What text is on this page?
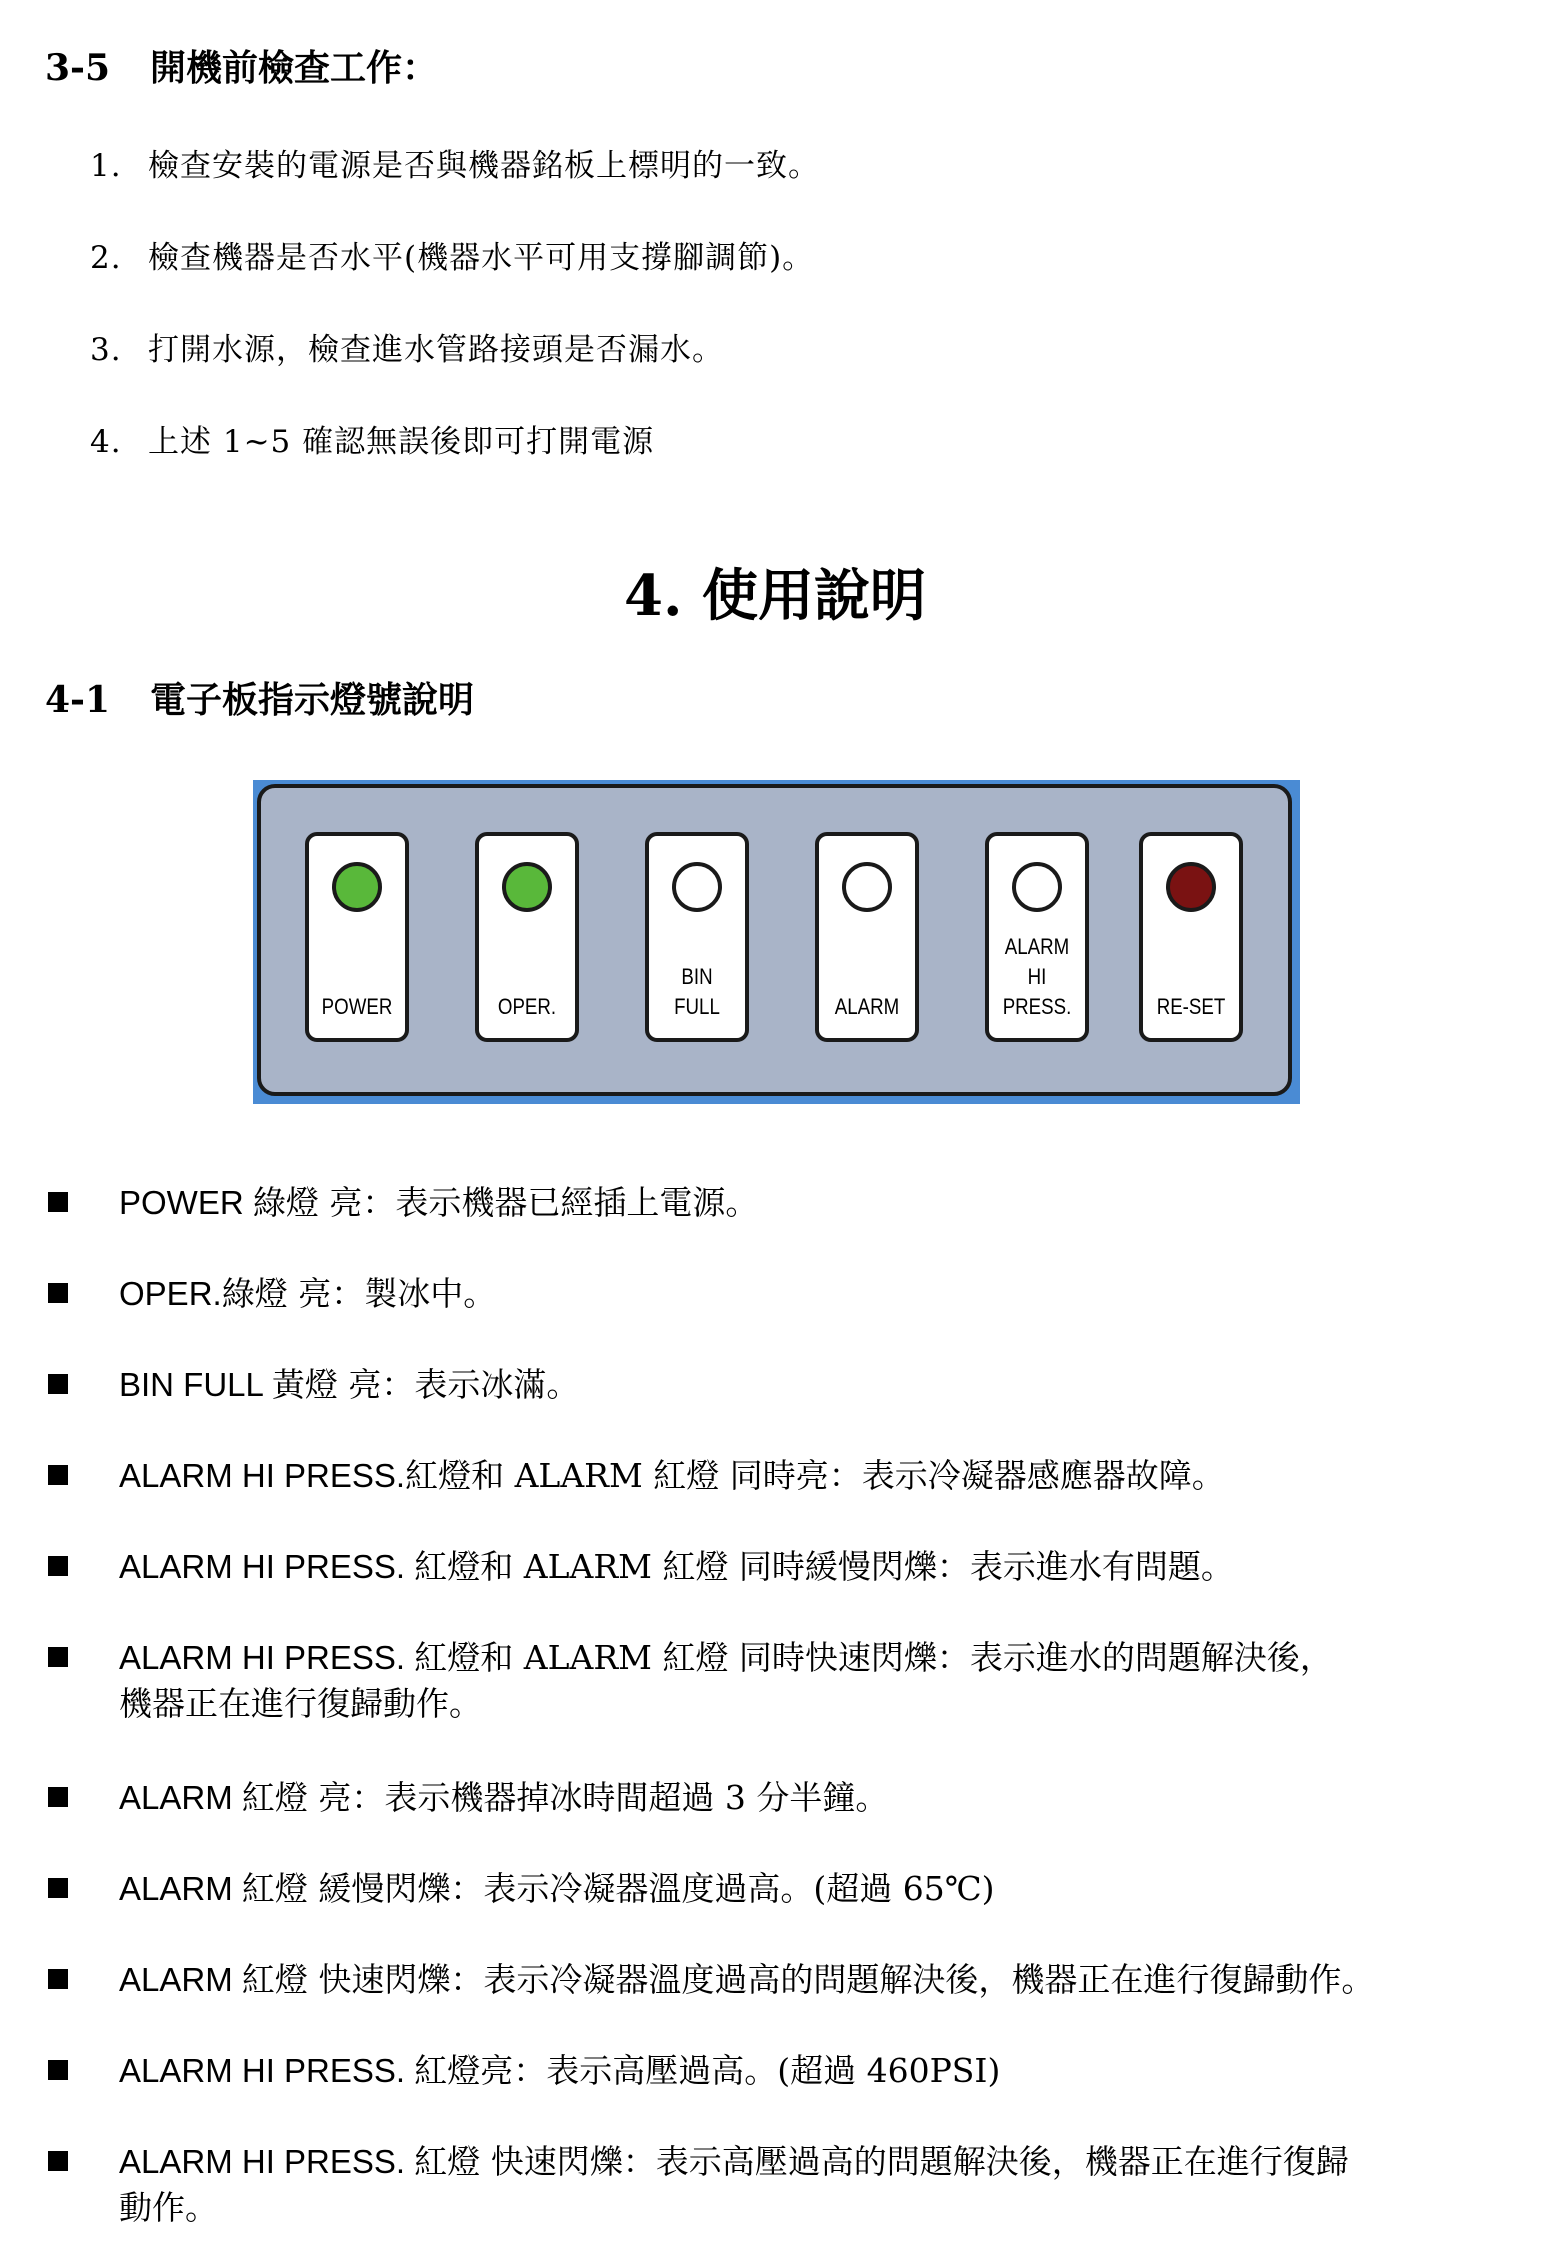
3-5 開機前檢查工作：
1. 檢查安裝的電源是否與機器銘板上標明的一致。
2. 檢查機器是否水平(機器水平可用支撐腳調節)。
3. 打開水源，檢查進水管路接頭是否漏水。
4. 上述 1~5 確認無誤後即可打開電源
4. 使用說明
4-1 電子板指示燈號說明
POWER	OPER.
BIN
FULL	ALARM
ALARM
HI
PRESS.	RE-SET
POWER 綠燈 亮：表示機器已經插上電源。
OPER.綠燈 亮：製冰中。
BIN FULL 黃燈 亮：表示冰滿。
ALARM HI PRESS.紅燈和 ALARM 紅燈 同時亮：表示冷凝器感應器故障。
ALARM HI PRESS. 紅燈和 ALARM 紅燈 同時緩慢閃爍：表示進水有問題。
ALARM HI PRESS. 紅燈和 ALARM 紅燈 同時快速閃爍：表示進水的問題解決後，
機器正在進行復歸動作。
ALARM 紅燈 亮：表示機器掉冰時間超過 3 分半鐘。
ALARM 紅燈 緩慢閃爍：表示冷凝器溫度過高。(超過 65℃)
ALARM 紅燈 快速閃爍：表示冷凝器溫度過高的問題解決後，機器正在進行復歸動作。
ALARM HI PRESS. 紅燈亮：表示高壓過高。(超過 460PSI)
ALARM HI PRESS. 紅燈 快速閃爍：表示高壓過高的問題解決後，機器正在進行復歸
動作。
